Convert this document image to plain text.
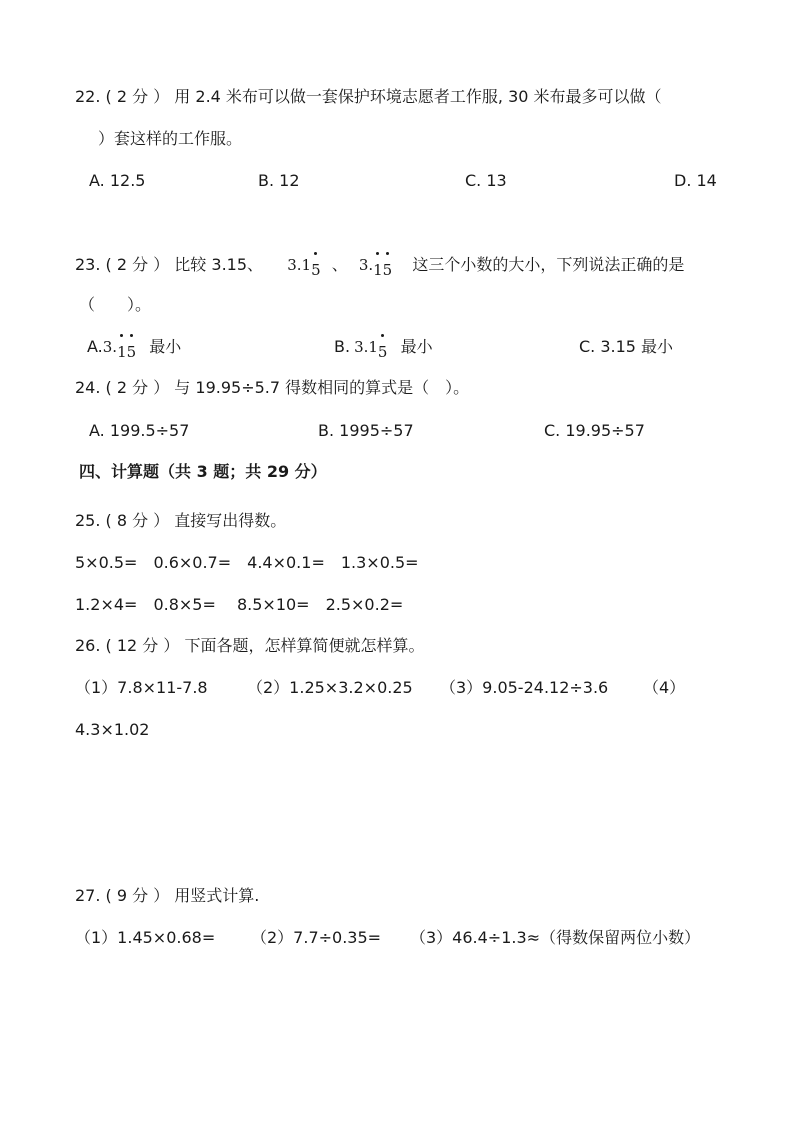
22. ( 2 分 ） 用 2.4 米布可以做一套保护环境志愿者工作服, 30 米布最多可以做（
）套这样的工作服。
A. 12.5	B. 12	C. 13	D. 14
23. ( 2 分 ） 比较 3.15、 3.1
5 、 3.
1
5 这三个小数的大小，下列说法正确的是
（　　）。
A.3.
1
5 最小	B. 3.1
5 最小	C. 3.15 最小
24. ( 2 分 ） 与 19.95÷5.7 得数相同的算式是（　）。
A. 199.5÷57	B. 1995÷57	C. 19.95÷57
四、计算题（共 3 题；共 29 分）
25. ( 8 分 ） 直接写出得数。
5×0.5=　0.6×0.7=　4.4×0.1=　1.3×0.5=
1.2×4=　0.8×5=　 8.5×10=　2.5×0.2=
26. ( 12 分 ） 下面各题，怎样算简便就怎样算。
（1）7.8×11-7.8 （2）1.25×3.2×0.25 （3）9.05-24.12÷3.6 （4）
4.3×1.02
27. ( 9 分 ） 用竖式计算.
（1）1.45×0.68= （2）7.7÷0.35= （3）46.4÷1.3≈（得数保留两位小数）
